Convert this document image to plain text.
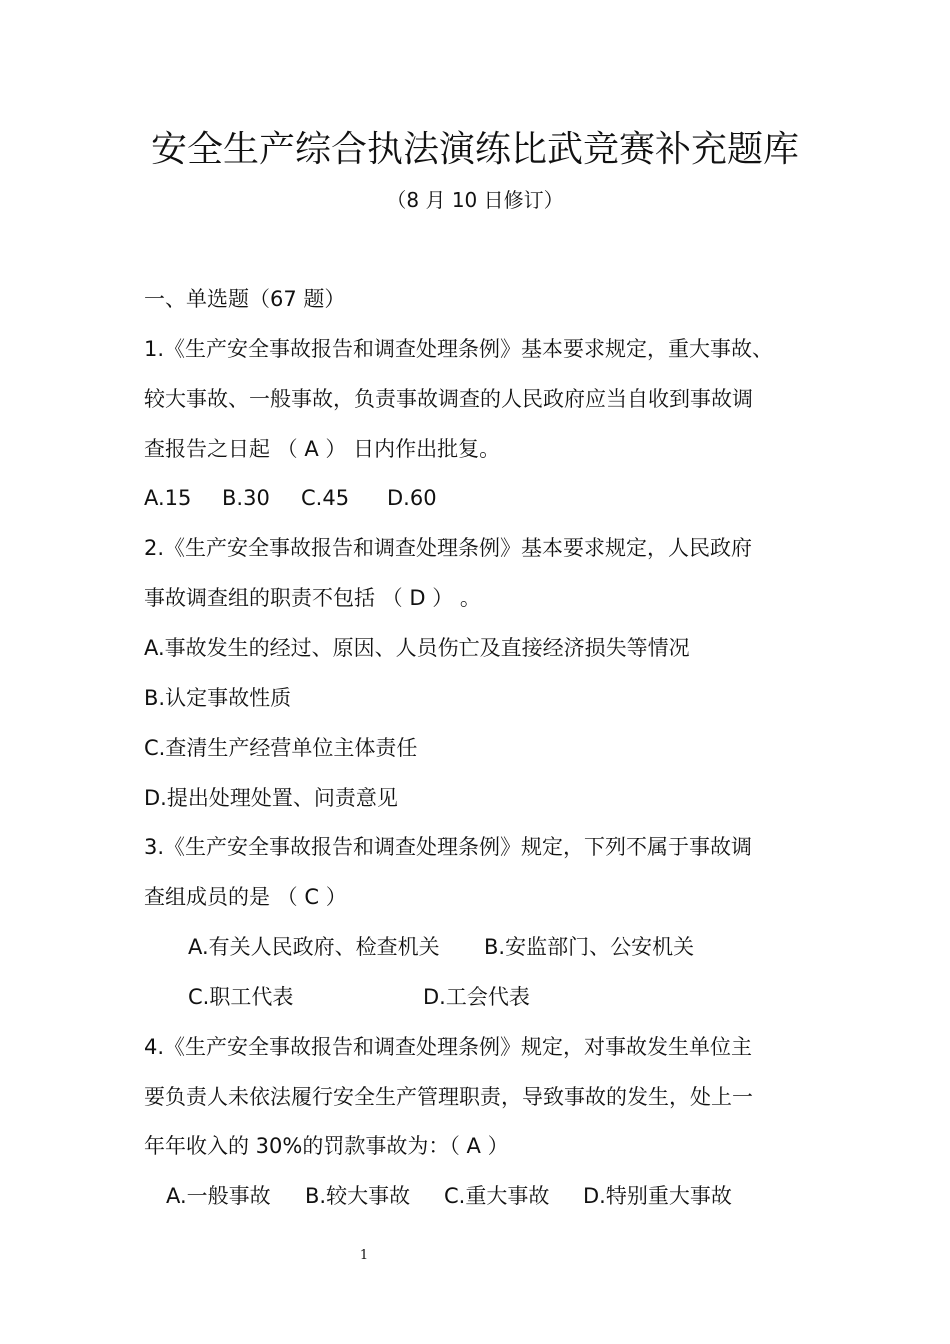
安全生产综合执法演练比武竞赛补充题库
（8 月 10 日修订）
一、单选题（67 题）
1.《生产安全事故报告和调查处理条例》基本要求规定，重大事故、
较大事故、一般事故，负责事故调查的人民政府应当自收到事故调
查报告之日起 （ A ） 日内作出批复。
A.15 B.30 C.45 D.60
2.《生产安全事故报告和调查处理条例》基本要求规定，人民政府
事故调查组的职责不包括 （ D ） 。
A.事故发生的经过、原因、人员伤亡及直接经济损失等情况
B.认定事故性质
C.查清生产经营单位主体责任
D.提出处理处置、问责意见
3.《生产安全事故报告和调查处理条例》规定，下列不属于事故调
查组成员的是 （ C ）
A.有关人民政府、检查机关 B.安监部门、公安机关
C.职工代表	D.工会代表
4.《生产安全事故报告和调查处理条例》规定，对事故发生单位主
要负责人未依法履行安全生产管理职责，导致事故的发生，处上一
年年收入的 30%的罚款事故为：（ A ）
A.一般事故 B.较大事故 C.重大事故 D.特别重大事故
1
